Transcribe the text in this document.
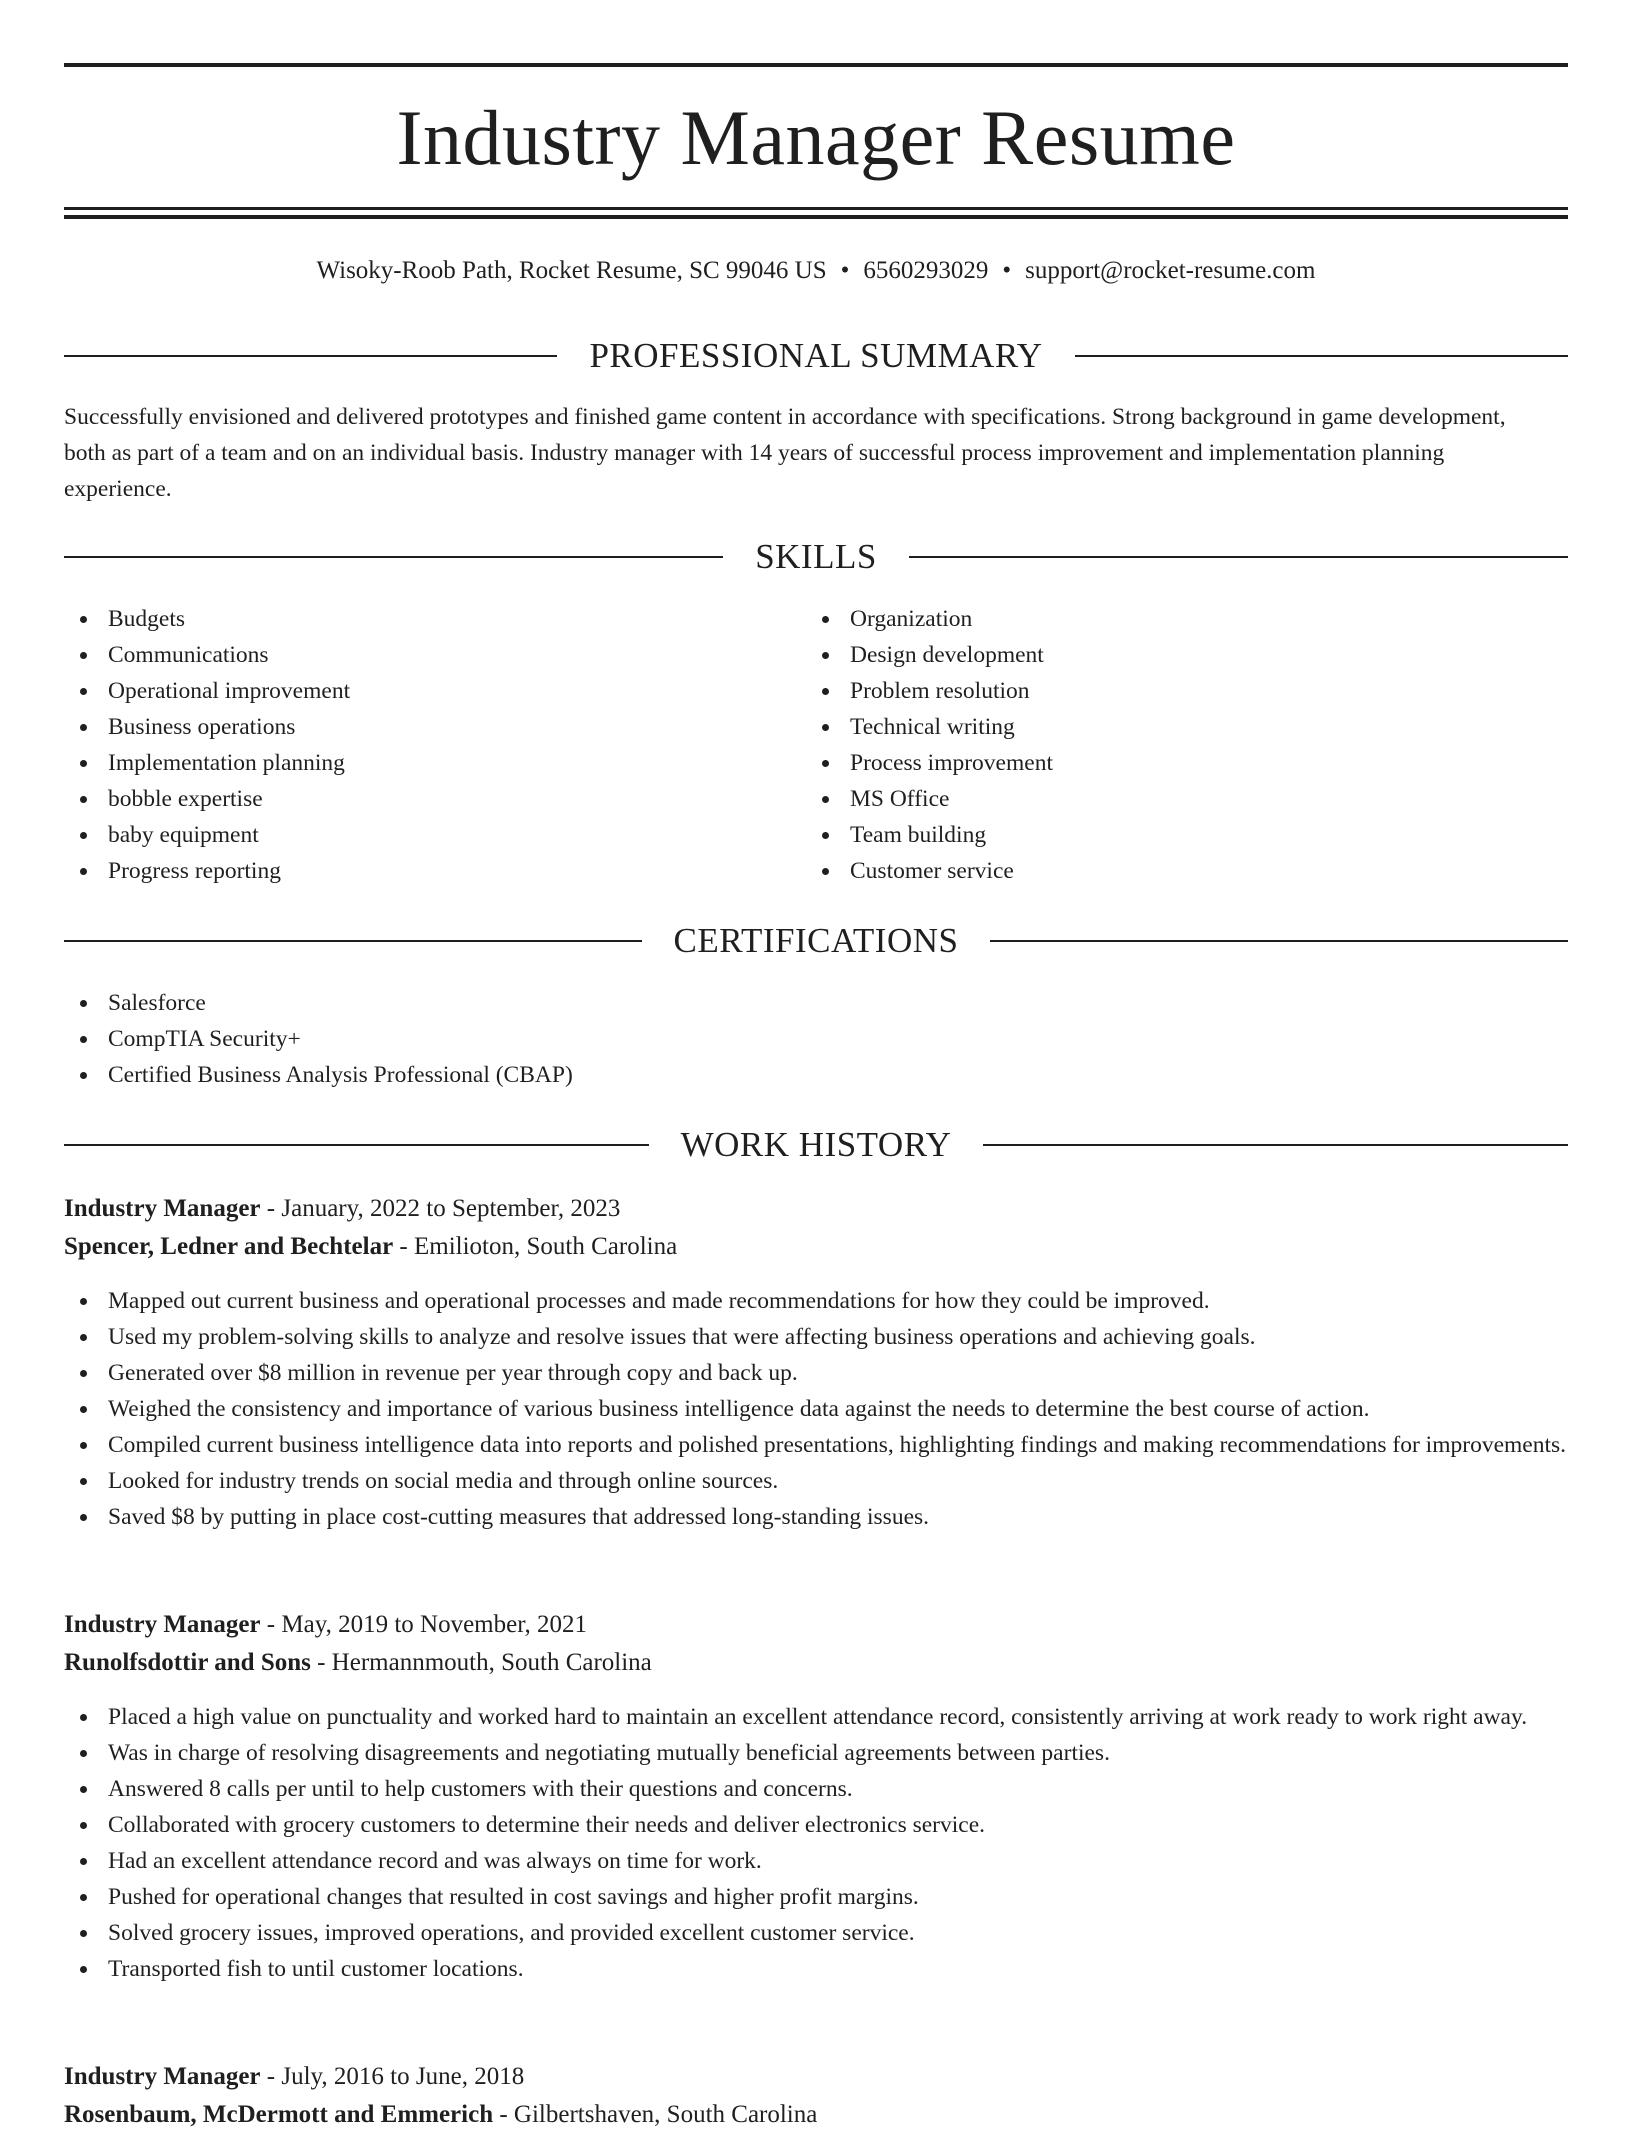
Industry Manager Resume
Wisoky-Roob Path, Rocket Resume, SC 99046 US • 6560293029 • support@rocket-resume.com
PROFESSIONAL SUMMARY

Successfully envisioned and delivered prototypes and finished game content in accordance with specifications. Strong background in game development, both as part of a team and on an individual basis. Industry manager with 14 years of successful process improvement and implementation planning experience.

SKILLS
Budgets
Communications
Operational improvement
Business operations
Implementation planning
bobble expertise
baby equipment
Progress reporting
Organization
Design development
Problem resolution
Technical writing
Process improvement
MS Office
Team building
Customer service
CERTIFICATIONS
Salesforce
CompTIA Security+
Certified Business Analysis Professional (CBAP)
WORK HISTORY
Industry Manager - January, 2022 to September, 2023
Spencer, Ledner and Bechtelar - Emilioton, South Carolina
Mapped out current business and operational processes and made recommendations for how they could be improved.
Used my problem-solving skills to analyze and resolve issues that were affecting business operations and achieving goals.
Generated over $8 million in revenue per year through copy and back up.
Weighed the consistency and importance of various business intelligence data against the needs to determine the best course of action.
Compiled current business intelligence data into reports and polished presentations, highlighting findings and making recommendations for improvements.
Looked for industry trends on social media and through online sources.
Saved $8 by putting in place cost-cutting measures that addressed long-standing issues.
Industry Manager - May, 2019 to November, 2021
Runolfsdottir and Sons - Hermannmouth, South Carolina
Placed a high value on punctuality and worked hard to maintain an excellent attendance record, consistently arriving at work ready to work right away.
Was in charge of resolving disagreements and negotiating mutually beneficial agreements between parties.
Answered 8 calls per until to help customers with their questions and concerns.
Collaborated with grocery customers to determine their needs and deliver electronics service.
Had an excellent attendance record and was always on time for work.
Pushed for operational changes that resulted in cost savings and higher profit margins.
Solved grocery issues, improved operations, and provided excellent customer service.
Transported fish to until customer locations.
Industry Manager - July, 2016 to June, 2018
Rosenbaum, McDermott and Emmerich - Gilbertshaven, South Carolina
